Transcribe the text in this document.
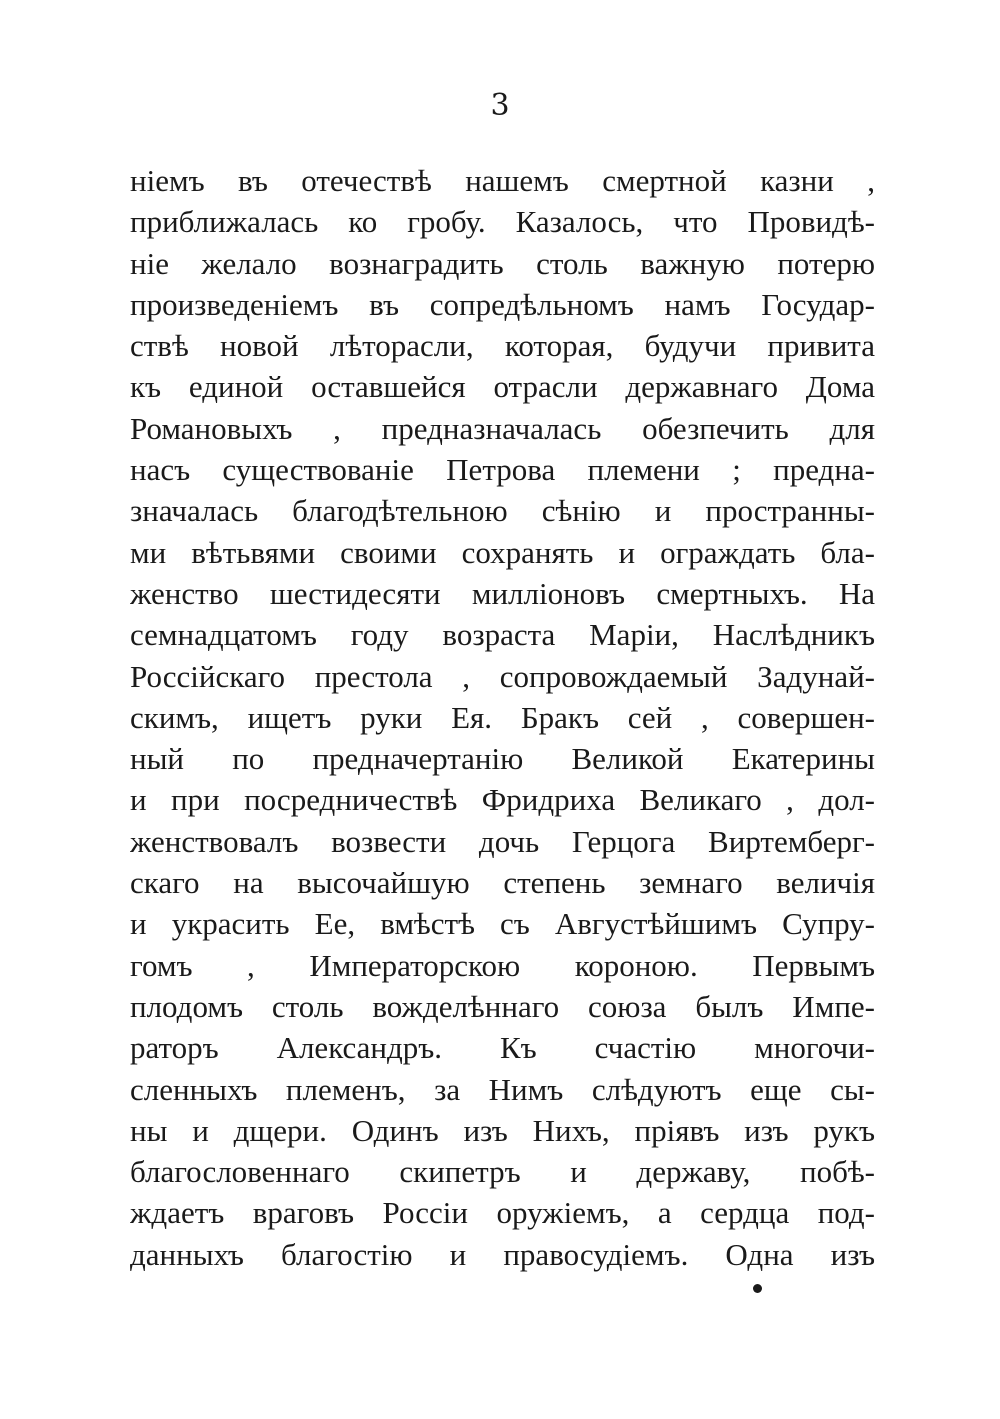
3
ніемъ въ отечествѣ нашемъ смертной казни ,
приближалась ко гробу. Казалось, что Провидѣ-
ніе желало вознаградить столь важную потерю
произведеніемъ въ сопредѣльномъ намъ Государ-
ствѣ новой лѣторасли, которая, будучи привита
къ единой оставшейся отрасли державнаго Дома
Романовыхъ , предназначалась обезпечить для
насъ существованіе Петрова племени ; предна-
значалась благодѣтельною сѣнію и пространны-
ми вѣтьвями своими сохранять и ограждать бла-
женство шестидесяти милліоновъ смертныхъ. На
семнадцатомъ году возраста Маріи, Наслѣдникъ
Россійскаго престола , сопровождаемый Задунай-
скимъ, ищетъ руки Ея. Бракъ сей , совершен-
ный по предначертанію Великой Екатерины
и при посредничествѣ Фридриха Великаго , дол-
женствовалъ возвести дочь Герцога Виртемберг-
скаго на высочайшую степень земнаго величія
и украсить Ее, вмѣстѣ съ Августѣйшимъ Супру-
гомъ , Императорскою короною. Первымъ
плодомъ столь вожделѣннаго союза былъ Импе-
раторъ Александръ. Къ счастію многочи-
сленныхъ племенъ, за Нимъ слѣдуютъ еще сы-
ны и дщери. Одинъ изъ Нихъ, пріявъ изъ рукъ
благословеннаго скипетръ и державу, побѣ-
ждаетъ враговъ Россіи оружіемъ, а сердца под-
данныхъ благостію и правосудіемъ. Одна изъ
